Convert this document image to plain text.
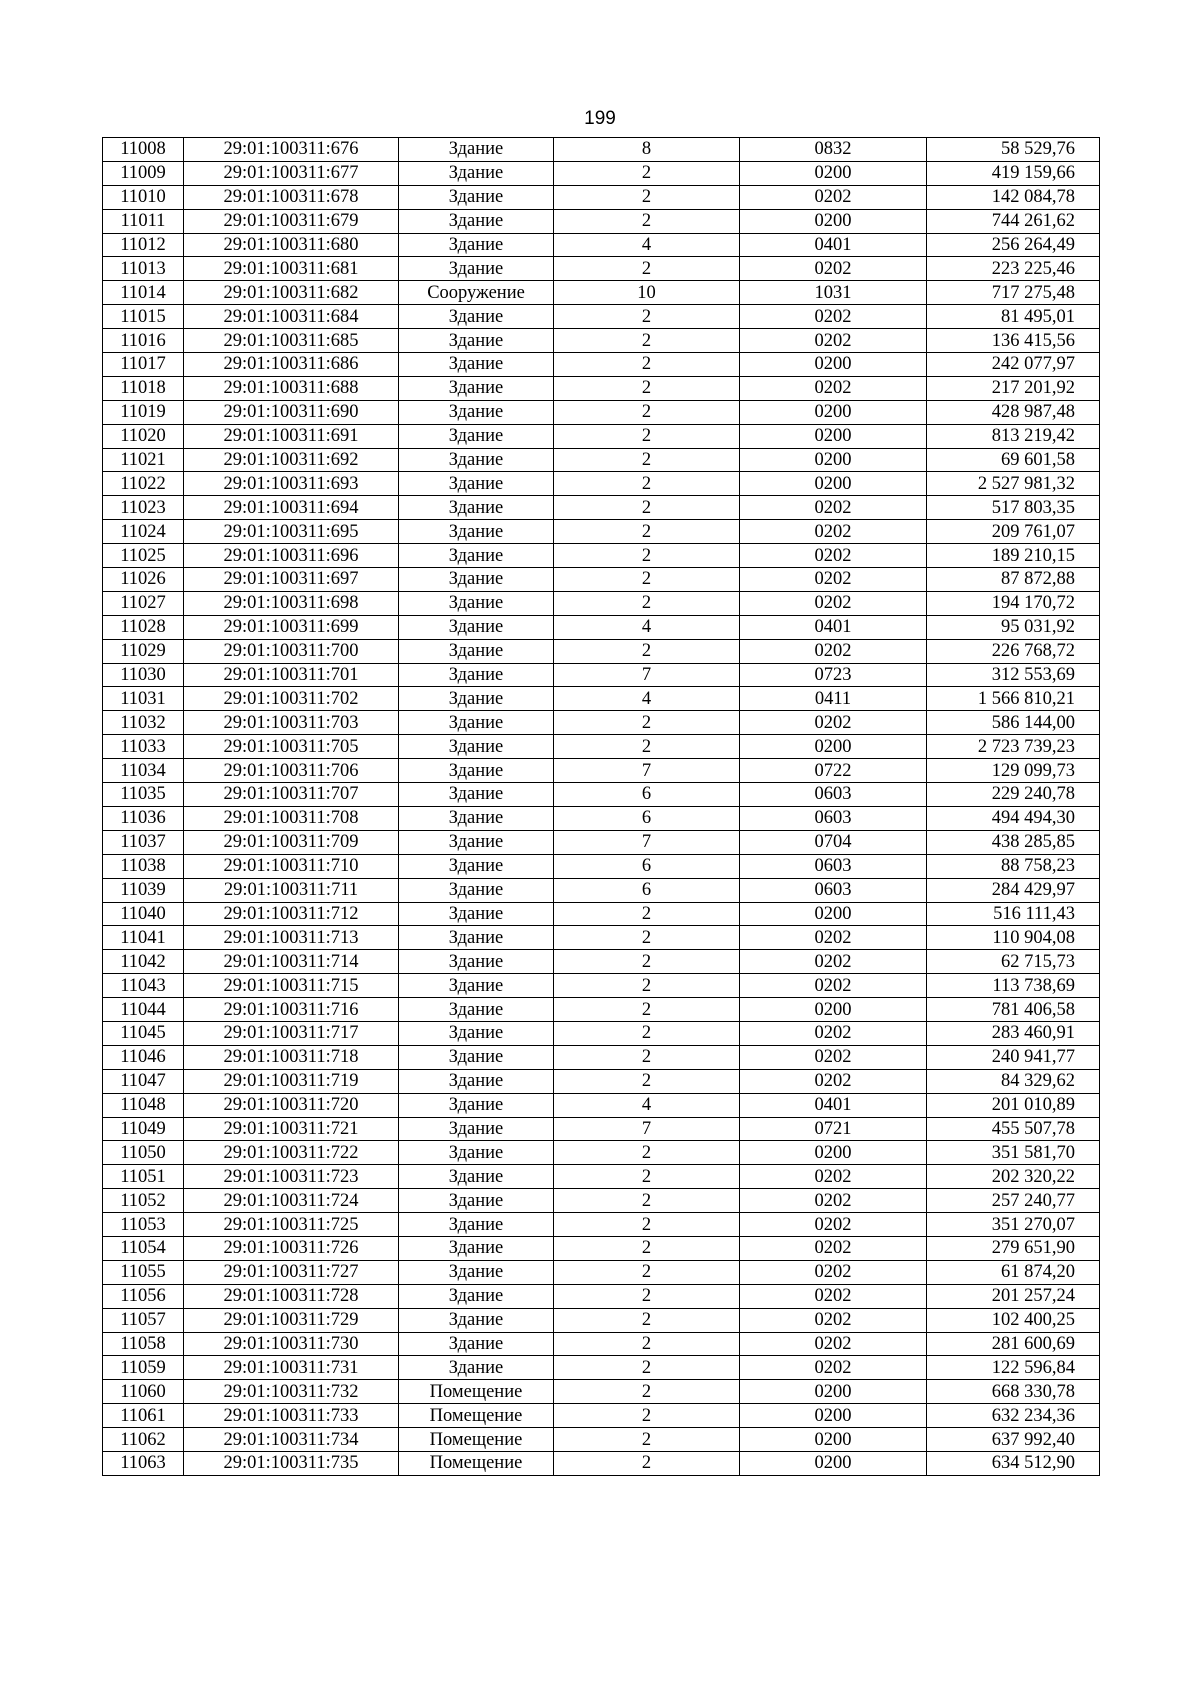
199
11008	29:01:100311:676	Здание	8	0832	58 529,76
11009	29:01:100311:677	Здание	2	0200	419 159,66
11010	29:01:100311:678	Здание	2	0202	142 084,78
11011	29:01:100311:679	Здание	2	0200	744 261,62
11012	29:01:100311:680	Здание	4	0401	256 264,49
11013	29:01:100311:681	Здание	2	0202	223 225,46
11014	29:01:100311:682	Сооружение	10	1031	717 275,48
11015	29:01:100311:684	Здание	2	0202	81 495,01
11016	29:01:100311:685	Здание	2	0202	136 415,56
11017	29:01:100311:686	Здание	2	0200	242 077,97
11018	29:01:100311:688	Здание	2	0202	217 201,92
11019	29:01:100311:690	Здание	2	0200	428 987,48
11020	29:01:100311:691	Здание	2	0200	813 219,42
11021	29:01:100311:692	Здание	2	0200	69 601,58
11022	29:01:100311:693	Здание	2	0200	2 527 981,32
11023	29:01:100311:694	Здание	2	0202	517 803,35
11024	29:01:100311:695	Здание	2	0202	209 761,07
11025	29:01:100311:696	Здание	2	0202	189 210,15
11026	29:01:100311:697	Здание	2	0202	87 872,88
11027	29:01:100311:698	Здание	2	0202	194 170,72
11028	29:01:100311:699	Здание	4	0401	95 031,92
11029	29:01:100311:700	Здание	2	0202	226 768,72
11030	29:01:100311:701	Здание	7	0723	312 553,69
11031	29:01:100311:702	Здание	4	0411	1 566 810,21
11032	29:01:100311:703	Здание	2	0202	586 144,00
11033	29:01:100311:705	Здание	2	0200	2 723 739,23
11034	29:01:100311:706	Здание	7	0722	129 099,73
11035	29:01:100311:707	Здание	6	0603	229 240,78
11036	29:01:100311:708	Здание	6	0603	494 494,30
11037	29:01:100311:709	Здание	7	0704	438 285,85
11038	29:01:100311:710	Здание	6	0603	88 758,23
11039	29:01:100311:711	Здание	6	0603	284 429,97
11040	29:01:100311:712	Здание	2	0200	516 111,43
11041	29:01:100311:713	Здание	2	0202	110 904,08
11042	29:01:100311:714	Здание	2	0202	62 715,73
11043	29:01:100311:715	Здание	2	0202	113 738,69
11044	29:01:100311:716	Здание	2	0200	781 406,58
11045	29:01:100311:717	Здание	2	0202	283 460,91
11046	29:01:100311:718	Здание	2	0202	240 941,77
11047	29:01:100311:719	Здание	2	0202	84 329,62
11048	29:01:100311:720	Здание	4	0401	201 010,89
11049	29:01:100311:721	Здание	7	0721	455 507,78
11050	29:01:100311:722	Здание	2	0200	351 581,70
11051	29:01:100311:723	Здание	2	0202	202 320,22
11052	29:01:100311:724	Здание	2	0202	257 240,77
11053	29:01:100311:725	Здание	2	0202	351 270,07
11054	29:01:100311:726	Здание	2	0202	279 651,90
11055	29:01:100311:727	Здание	2	0202	61 874,20
11056	29:01:100311:728	Здание	2	0202	201 257,24
11057	29:01:100311:729	Здание	2	0202	102 400,25
11058	29:01:100311:730	Здание	2	0202	281 600,69
11059	29:01:100311:731	Здание	2	0202	122 596,84
11060	29:01:100311:732	Помещение	2	0200	668 330,78
11061	29:01:100311:733	Помещение	2	0200	632 234,36
11062	29:01:100311:734	Помещение	2	0200	637 992,40
11063	29:01:100311:735	Помещение	2	0200	634 512,90
